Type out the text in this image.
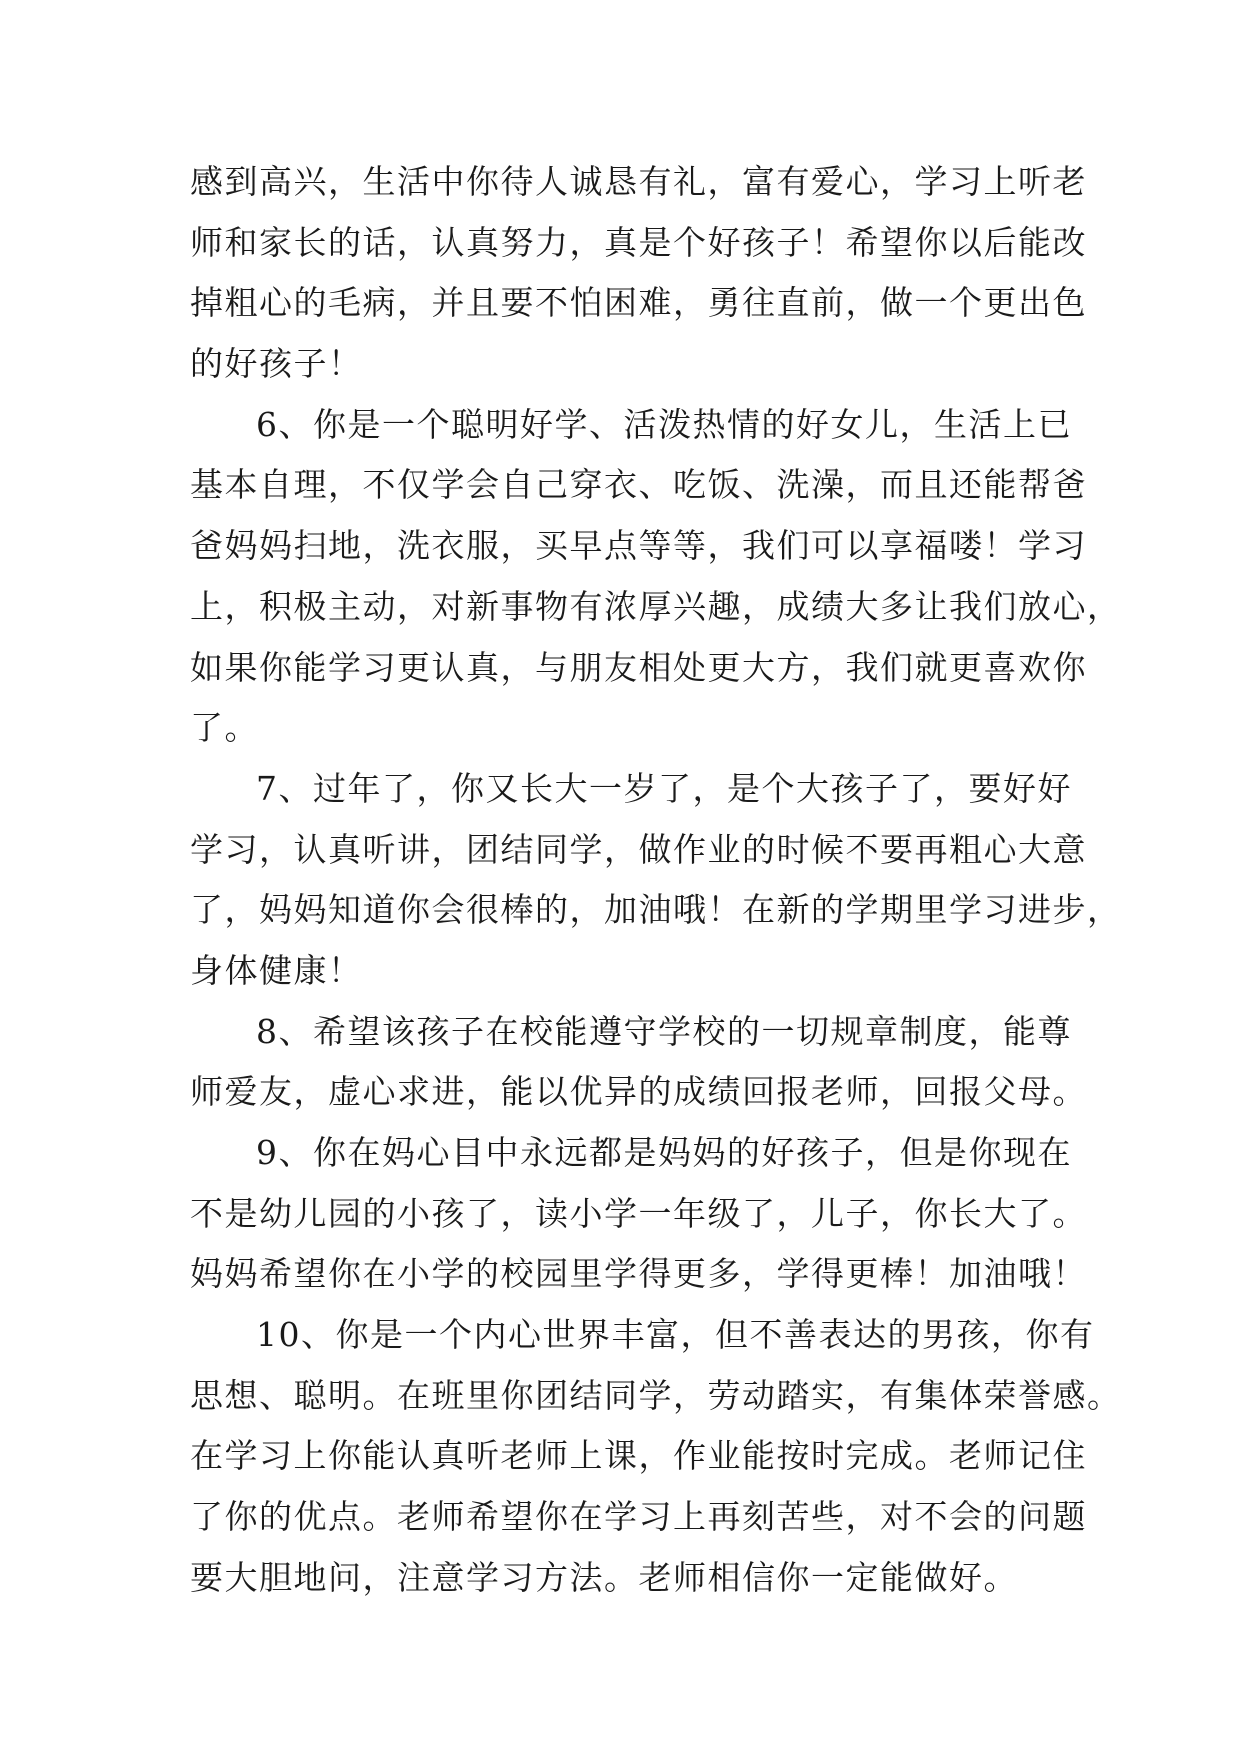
感到高兴，生活中你待人诚恳有礼，富有爱心，学习上听老
师和家长的话，认真努力，真是个好孩子！希望你以后能改
掉粗心的毛病，并且要不怕困难，勇往直前，做一个更出色
的好孩子！
6、你是一个聪明好学、活泼热情的好女儿，生活上已
基本自理，不仅学会自己穿衣、吃饭、洗澡，而且还能帮爸
爸妈妈扫地，洗衣服，买早点等等，我们可以享福喽！学习
上，积极主动，对新事物有浓厚兴趣，成绩大多让我们放心，
如果你能学习更认真，与朋友相处更大方，我们就更喜欢你
了。
7、过年了，你又长大一岁了，是个大孩子了，要好好
学习，认真听讲，团结同学，做作业的时候不要再粗心大意
了，妈妈知道你会很棒的，加油哦！在新的学期里学习进步，
身体健康！
8、希望该孩子在校能遵守学校的一切规章制度，能尊
师爱友，虚心求进，能以优异的成绩回报老师，回报父母。
9、你在妈心目中永远都是妈妈的好孩子，但是你现在
不是幼儿园的小孩了，读小学一年级了，儿子，你长大了。
妈妈希望你在小学的校园里学得更多，学得更棒！加油哦！
10、你是一个内心世界丰富，但不善表达的男孩，你有
思想、聪明。在班里你团结同学，劳动踏实，有集体荣誉感。
在学习上你能认真听老师上课，作业能按时完成。老师记住
了你的优点。老师希望你在学习上再刻苦些，对不会的问题
要大胆地问，注意学习方法。老师相信你一定能做好。
